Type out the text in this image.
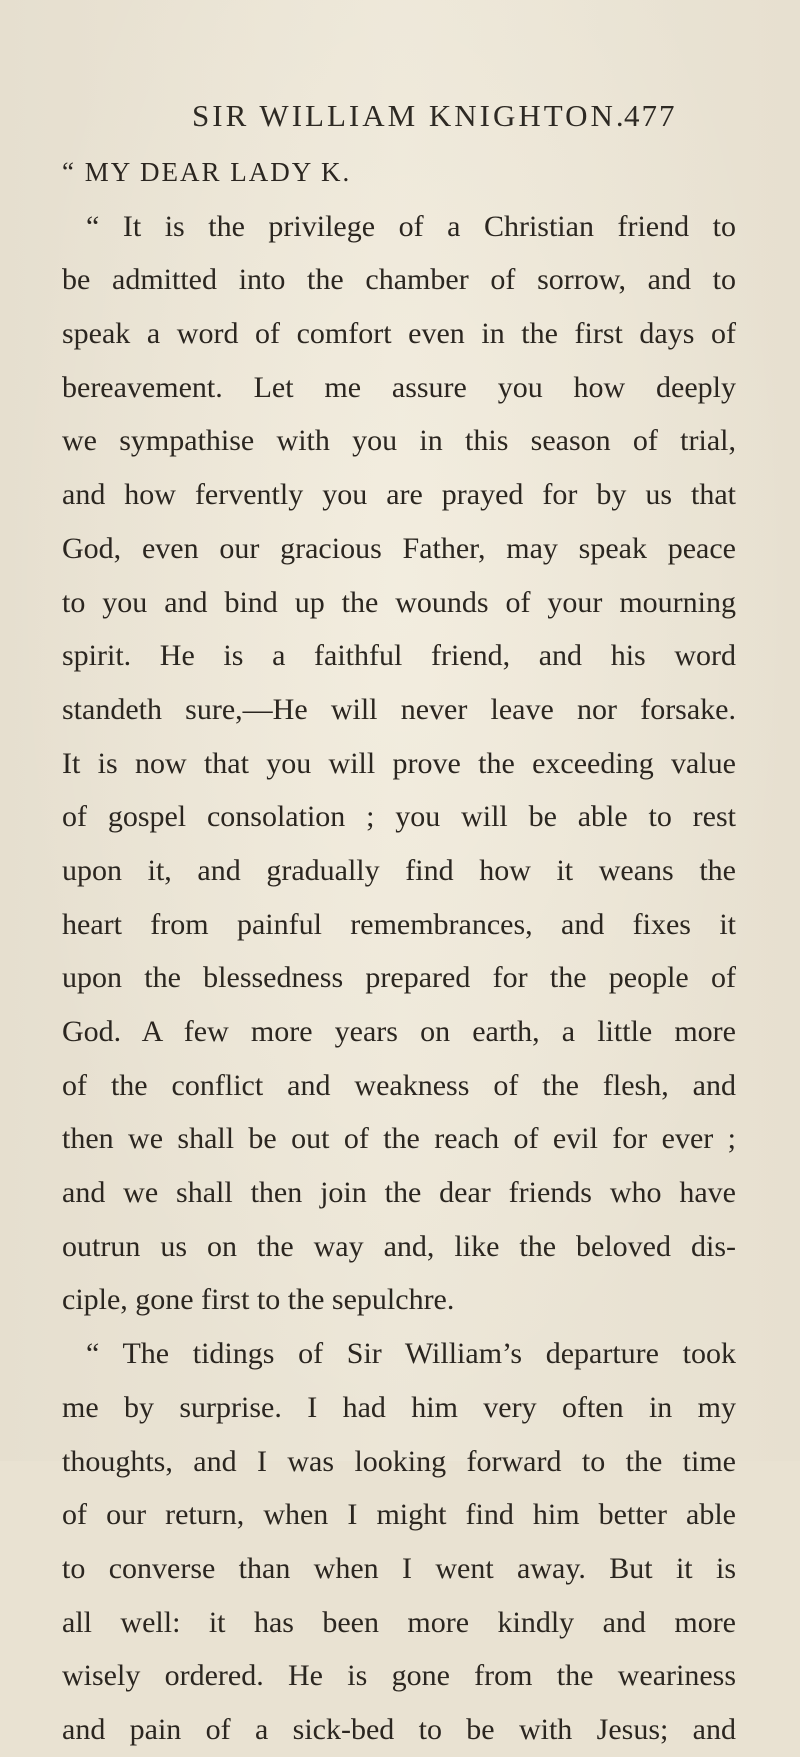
SIR WILLIAM KNIGHTON.
477
“ MY DEAR LADY K.
“ It is the privilege of a Christian friend to
be admitted into the chamber of sorrow, and to
speak a word of comfort even in the first days of
bereavement. Let me assure you how deeply
we sympathise with you in this season of trial,
and how fervently you are prayed for by us that
God, even our gracious Father, may speak peace
to you and bind up the wounds of your mourning
spirit. He is a faithful friend, and his word
standeth sure,—He will never leave nor forsake.
It is now that you will prove the exceeding value
of gospel consolation ; you will be able to rest
upon it, and gradually find how it weans the
heart from painful remembrances, and fixes it
upon the blessedness prepared for the people of
God. A few more years on earth, a little more
of the conflict and weakness of the flesh, and
then we shall be out of the reach of evil for ever ;
and we shall then join the dear friends who have
outrun us on the way and, like the beloved dis-
ciple, gone first to the sepulchre.
“ The tidings of Sir William’s departure took
me by surprise. I had him very often in my
thoughts, and I was looking forward to the time
of our return, when I might find him better able
to converse than when I went away. But it is
all well: it has been more kindly and more
wisely ordered. He is gone from the weariness
and pain of a sick-bed to be with Jesus; and
